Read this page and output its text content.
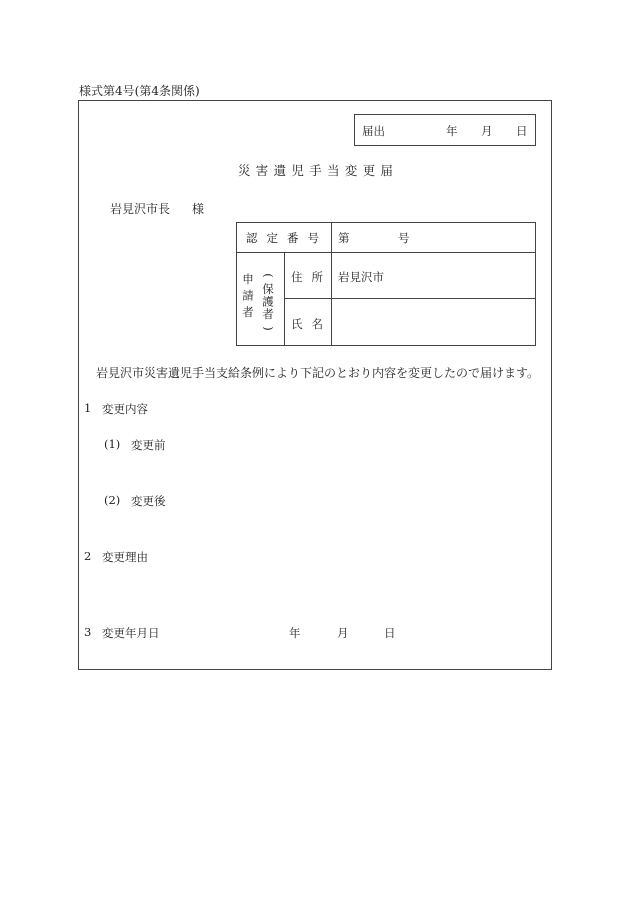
様式第4号(第4条関係)
届出	年 月 日
災害遺児手当変更届
岩見沢市長 様
認定番号 第	号
申請者 (保護者)
住所 岩見沢市
氏名
岩見沢市災害遺児手当支給条例により下記のとおり内容を変更したので届けます。
1 変更内容
(1) 変更前
(2) 変更後
2 変更理由
3 変更年月日	年	月	日
